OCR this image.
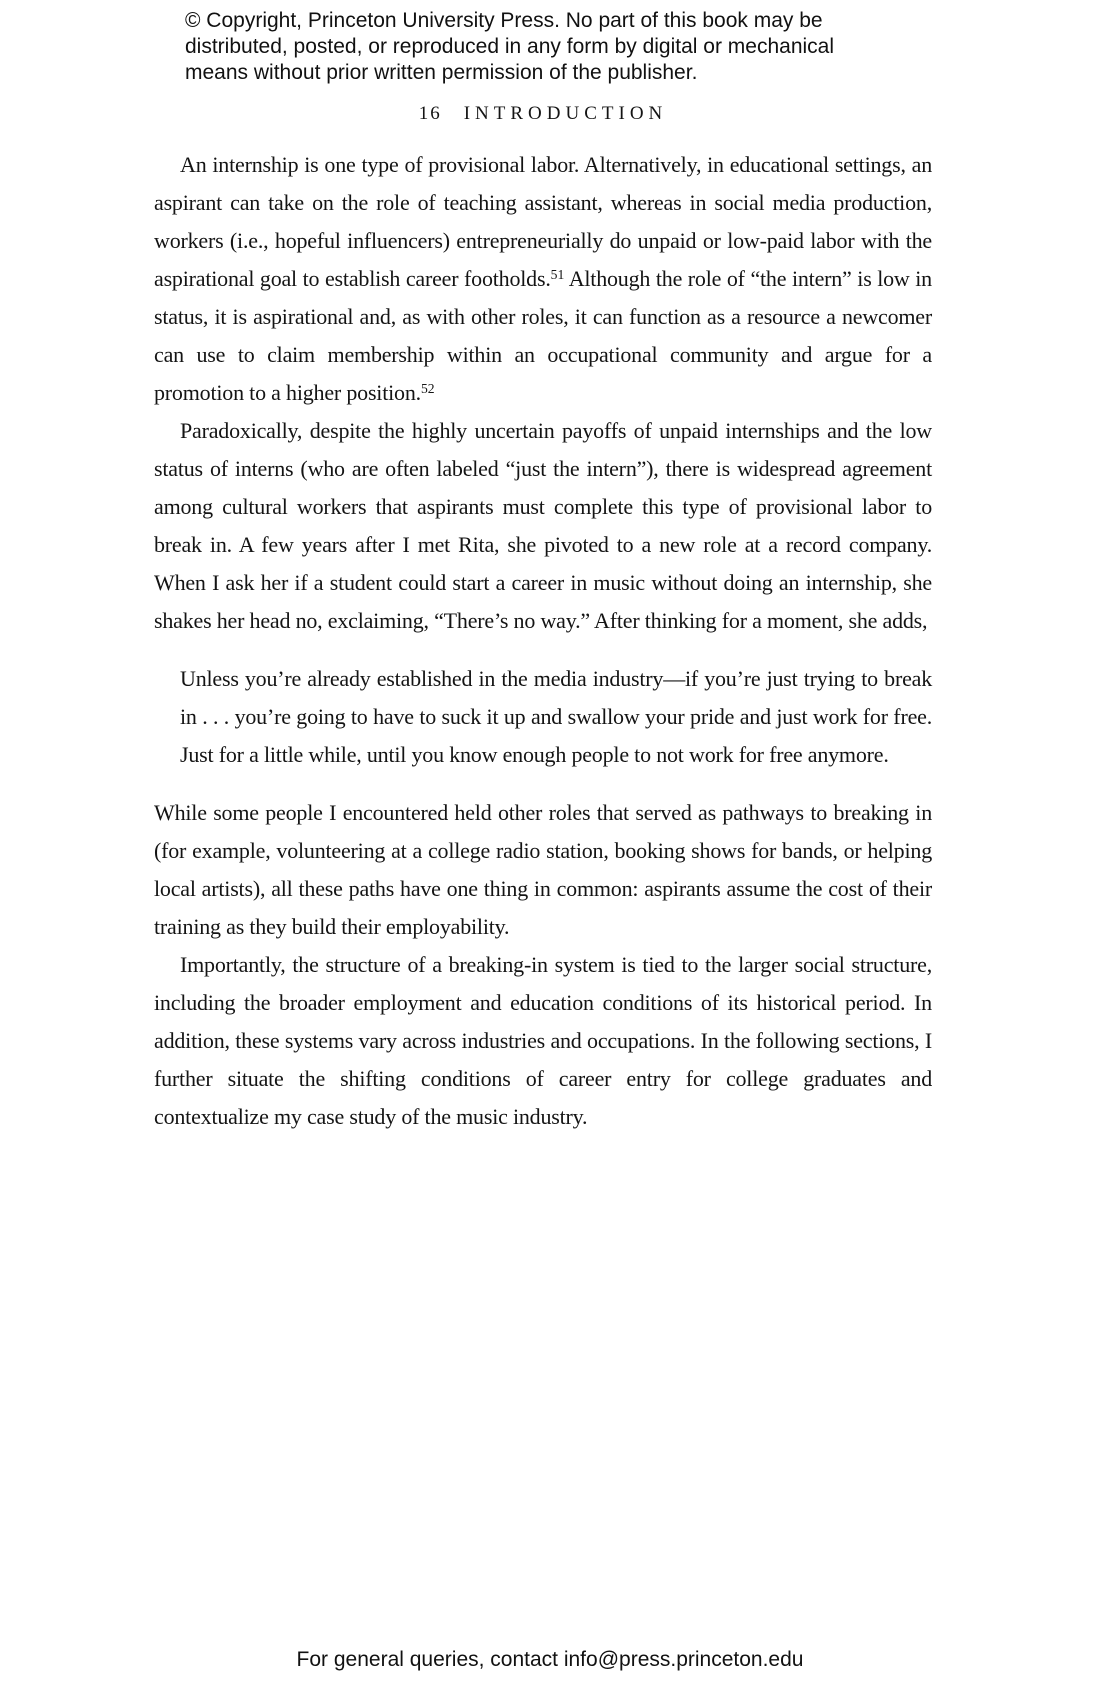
© Copyright, Princeton University Press. No part of this book may be
distributed, posted, or reproduced in any form by digital or mechanical
means without prior written permission of the publisher.
16 INTRODUCTION

An internship is one type of provisional labor. Alternatively, in educational settings, an aspirant can take on the role of teaching assistant, whereas in social media production, workers (i.e., hopeful influencers) entrepreneurially do unpaid or low-paid labor with the aspirational goal to establish career footholds.$^{51}$ Although the role of “the intern” is low in status, it is aspirational and, as with other roles, it can function as a resource a newcomer can use to claim membership within an occupational community and argue for a promotion to a higher position.$^{52}$

Paradoxically, despite the highly uncertain payoffs of unpaid internships and the low status of interns (who are often labeled “just the intern”), there is widespread agreement among cultural workers that aspirants must complete this type of provisional labor to break in. A few years after I met Rita, she pivoted to a new role at a record company. When I ask her if a student could start a career in music without doing an internship, she shakes her head no, exclaiming, “There’s no way.” After thinking for a moment, she adds,

Unless you’re already established in the media industry—if you’re just trying to break in . . . you’re going to have to suck it up and swallow your pride and just work for free. Just for a little while, until you know enough people to not work for free anymore.

While some people I encountered held other roles that served as pathways to breaking in (for example, volunteering at a college radio station, booking shows for bands, or helping local artists), all these paths have one thing in common: aspirants assume the cost of their training as they build their employability.

Importantly, the structure of a breaking-in system is tied to the larger social structure, including the broader employment and education conditions of its historical period. In addition, these systems vary across industries and occupations. In the following sections, I further situate the shifting conditions of career entry for college graduates and contextualize my case study of the music industry.

For general queries, contact info@press.princeton.edu
